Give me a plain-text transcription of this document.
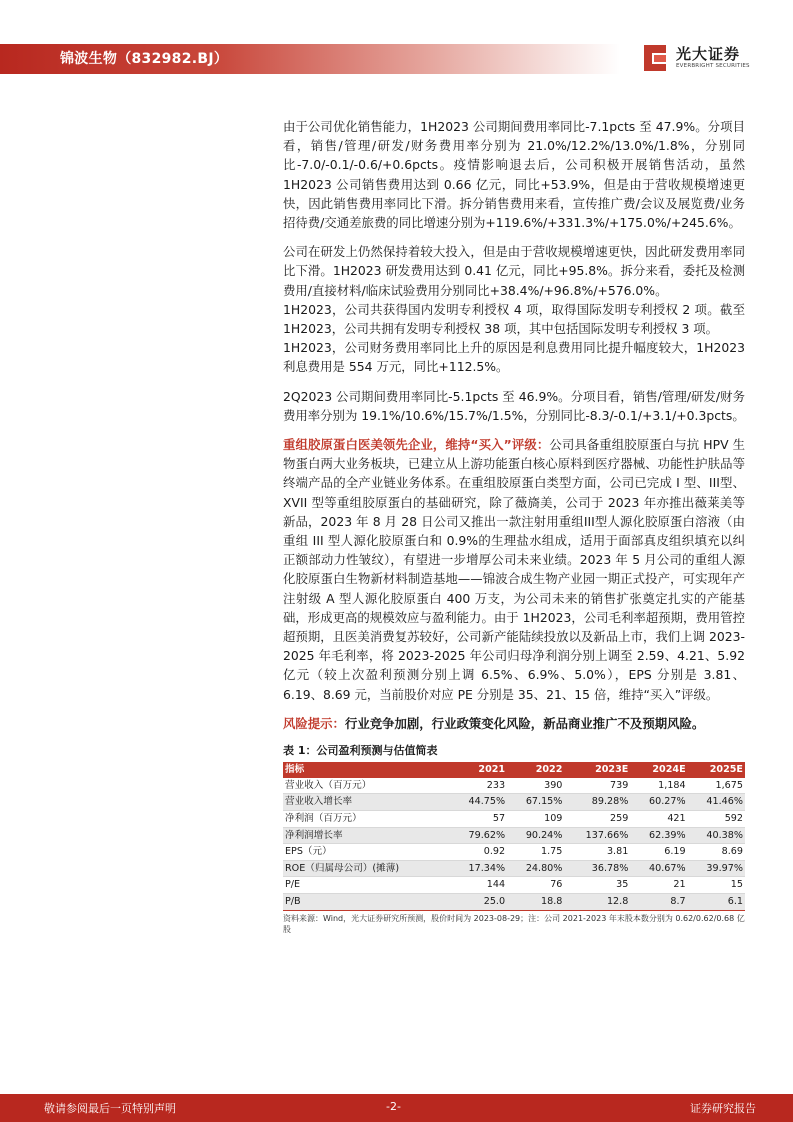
锦波生物（832982.BJ）	光大证券
EVERBRIGHT SECURITIES

由于公司优化销售能力，1H2023 公司期间费用率同比-7.1pcts 至 47.9%。分项目看，销售/管理/研发/财务费用率分别为 21.0%/12.2%/13.0%/1.8%，分别同比-7.0/-0.1/-0.6/+0.6pcts。疫情影响退去后，公司积极开展销售活动，虽然 1H2023 公司销售费用达到 0.66 亿元，同比+53.9%，但是由于营收规模增速更快，因此销售费用率同比下滑。拆分销售费用来看，宣传推广费/会议及展览费/业务招待费/交通差旅费的同比增速分别为+119.6%/+331.3%/+175.0%/+245.6%。

公司在研发上仍然保持着较大投入，但是由于营收规模增速更快，因此研发费用率同比下滑。1H2023 研发费用达到 0.41 亿元，同比+95.8%。拆分来看，委托及检测费用/直接材料/临床试验费用分别同比+38.4%/+96.8%/+576.0%。

1H2023，公司共获得国内发明专利授权 4 项，取得国际发明专利授权 2 项。截至 1H2023，公司共拥有发明专利授权 38 项，其中包括国际发明专利授权 3 项。

1H2023，公司财务费用率同比上升的原因是利息费用同比提升幅度较大，1H2023 利息费用是 554 万元，同比+112.5%。

2Q2023 公司期间费用率同比-5.1pcts 至 46.9%。分项目看，销售/管理/研发/财务费用率分别为 19.1%/10.6%/15.7%/1.5%，分别同比-8.3/-0.1/+3.1/+0.3pcts。

重组胶原蛋白医美领先企业，维持“买入”评级：公司具备重组胶原蛋白与抗 HPV 生物蛋白两大业务板块，已建立从上游功能蛋白核心原料到医疗器械、功能性护肤品等终端产品的全产业链业务体系。在重组胶原蛋白类型方面，公司已完成 I 型、III型、XVII 型等重组胶原蛋白的基础研究，除了薇旖美，公司于 2023 年亦推出薇莱美等新品，2023 年 8 月 28 日公司又推出一款注射用重组III型人源化胶原蛋白溶液（由重组 III 型人源化胶原蛋白和 0.9%的生理盐水组成，适用于面部真皮组织填充以纠正额部动力性皱纹），有望进一步增厚公司未来业绩。2023 年 5 月公司的重组人源化胶原蛋白生物新材料制造基地——锦波合成生物产业园一期正式投产，可实现年产注射级 A 型人源化胶原蛋白 400 万支，为公司未来的销售扩张奠定扎实的产能基础，形成更高的规模效应与盈利能力。由于 1H2023，公司毛利率超预期，费用管控超预期，且医美消费复苏较好，公司新产能陆续投放以及新品上市，我们上调 2023-2025 年毛利率，将 2023-2025 年公司归母净利润分别上调至 2.59、4.21、5.92 亿元（较上次盈利预测分别上调 6.5%、6.9%、5.0%），EPS 分别是 3.81、6.19、8.69 元，当前股价对应 PE 分别是 35、21、15 倍，维持“买入”评级。

风险提示：行业竞争加剧，行业政策变化风险，新品商业推广不及预期风险。

表 1：公司盈利预测与估值简表
指标	2021	2022	2023E	2024E	2025E
营业收入（百万元）	233	390	739	1,184	1,675
营业收入增长率	44.75%	67.15%	89.28%	60.27%	41.46%
净利润（百万元）	57	109	259	421	592
净利润增长率	79.62%	90.24%	137.66%	62.39%	40.38%
EPS（元）	0.92	1.75	3.81	6.19	8.69
ROE（归属母公司）(摊薄)	17.34%	24.80%	36.78%	40.67%	39.97%
P/E	144	76	35	21	15
P/B	25.0	18.8	12.8	8.7	6.1
资料来源：Wind，光大证券研究所预测，股价时间为 2023-08-29；注：公司 2021-2023 年末股本数分别为 0.62/0.62/0.68 亿股
敬请参阅最后一页特别声明	-2-	证券研究报告
